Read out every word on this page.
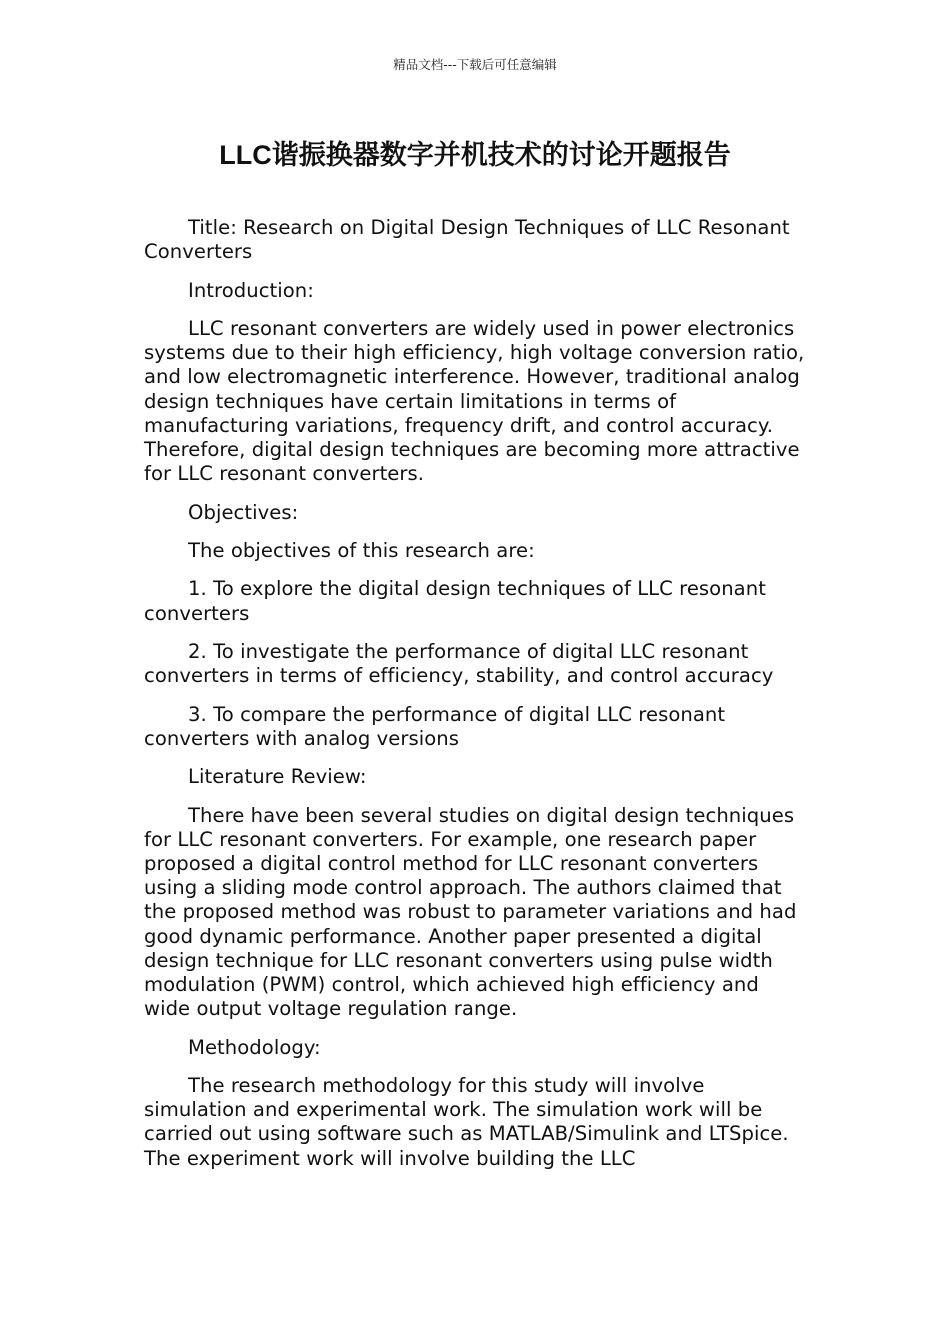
精品文档---下载后可任意编辑
LLC谐振换器数字并机技术的讨论开题报告

Title: Research on Digital Design Techniques of LLC Resonant Converters

Introduction:

LLC resonant converters are widely used in power electronics systems due to their high efficiency, high voltage conversion ratio, and low electromagnetic interference. However, traditional analog design techniques have certain limitations in terms of manufacturing variations, frequency drift, and control accuracy. Therefore, digital design techniques are becoming more attractive for LLC resonant converters.

Objectives:

The objectives of this research are:

1. To explore the digital design techniques of LLC resonant converters

2. To investigate the performance of digital LLC resonant converters in terms of efficiency, stability, and control accuracy

3. To compare the performance of digital LLC resonant converters with analog versions

Literature Review:

There have been several studies on digital design techniques for LLC resonant converters. For example, one research paper proposed a digital control method for LLC resonant converters using a sliding mode control approach. The authors claimed that the proposed method was robust to parameter variations and had good dynamic performance. Another paper presented a digital design technique for LLC resonant converters using pulse width modulation (PWM) control, which achieved high efficiency and wide output voltage regulation range.

Methodology:

The research methodology for this study will involve simulation and experimental work. The simulation work will be carried out using software such as MATLAB/Simulink and LTSpice. The experiment work will involve building the LLC
